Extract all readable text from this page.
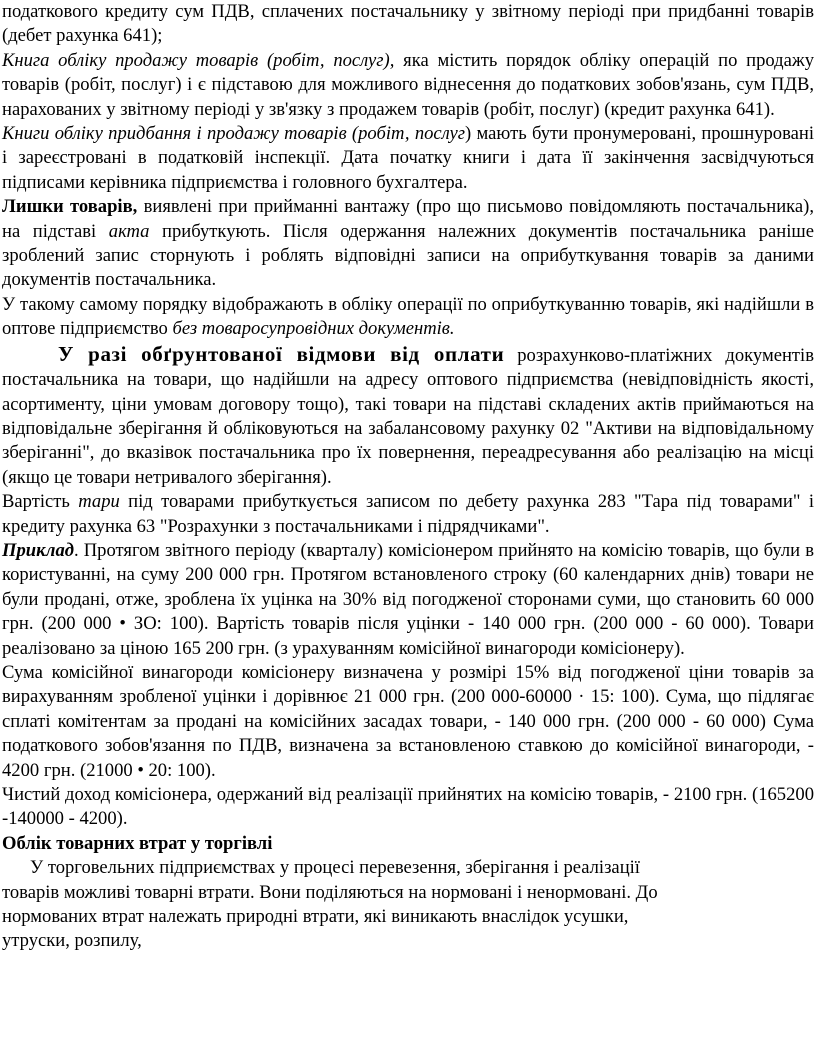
податкового кредиту сум ПДВ, сплачених постачальнику у звітному періоді при придбанні товарів (дебет рахунка 641);

Книга обліку продажу товарів (робіт, послуг), яка містить порядок обліку операцій по продажу товарів (робіт, послуг) і є підставою для можливого віднесення до податкових зобов'язань, сум ПДВ, нарахованих у звітному періоді у зв'язку з продажем товарів (робіт, послуг) (кредит рахунка 641).

Книги обліку придбання і продажу товарів (робіт, послуг) мають бути пронумеровані, прошнуровані і зареєстровані в податковій інспекції. Дата початку книги і дата її закінчення засвідчуються підписами керівника підприємства і головного бухгалтера.

Лишки товарів, виявлені при прийманні вантажу (про що письмово повідомляють постачальника), на підставі акта прибуткують. Після одержання належних документів постачальника раніше зроблений запис сторнують і роблять відповідні записи на оприбуткування товарів за даними документів постачальника.

У такому самому порядку відображають в обліку операції по оприбуткуванню товарів, які надійшли в оптове підприємство без товаросупровідних документів.

У разі обґрунтованої відмови від оплати розрахунково-платіжних документів постачальника на товари, що надійшли на адресу оптового підприємства (невідповідність якості, асортименту, ціни умовам договору тощо), такі товари на підставі складених актів приймаються на відповідальне зберігання й обліковуються на забалансовому рахунку 02 "Активи на відповідальному зберіганні", до вказівок постачальника про їх повернення, переадресування або реалізацію на місці (якщо це товари нетривалого зберігання).

Вартість тари під товарами прибуткується записом по дебету рахунка 283 "Тара під товарами" і кредиту рахунка 63 "Розрахунки з постачальниками і підрядчиками".

Приклад. Протягом звітного періоду (кварталу) комісіонером прийнято на комісію товарів, що були в користуванні, на суму 200 000 грн. Протягом встановленого строку (60 календарних днів) товари не були продані, отже, зроблена їх уцінка на 30% від погодженої сторонами суми, що становить 60 000 грн. (200 000 • ЗО: 100). Вартість товарів після уцінки - 140 000 грн. (200 000 - 60 000). Товари реалізовано за ціною 165 200 грн. (з урахуванням комісійної винагороди комісіонеру).

Сума комісійної винагороди комісіонеру визначена у розмірі 15% від погодженої ціни товарів за вирахуванням зробленої уцінки і дорівнює 21 000 грн. (200 000-60000 · 15: 100). Сума, що підлягає сплаті комітентам за продані на комісійних засадах товари, - 140 000 грн. (200 000 - 60 000) Сума податкового зобов'язання по ПДВ, визначена за встановленою ставкою до комісійної винагороди, - 4200 грн. (21000 • 20: 100).

Чистий доход комісіонера, одержаний від реалізації прийнятих на комісію товарів, - 2100 грн. (165200 -140000 - 4200).

Облік товарних втрат у торгівлі

У торговельних підприємствах у процесі перевезення, зберігання і реалізації
товарів можливі товарні втрати. Вони поділяються на нормовані і ненормовані. До
нормованих втрат належать природні втрати, які виникають внаслідок усушки,
утруски, розпилу,
